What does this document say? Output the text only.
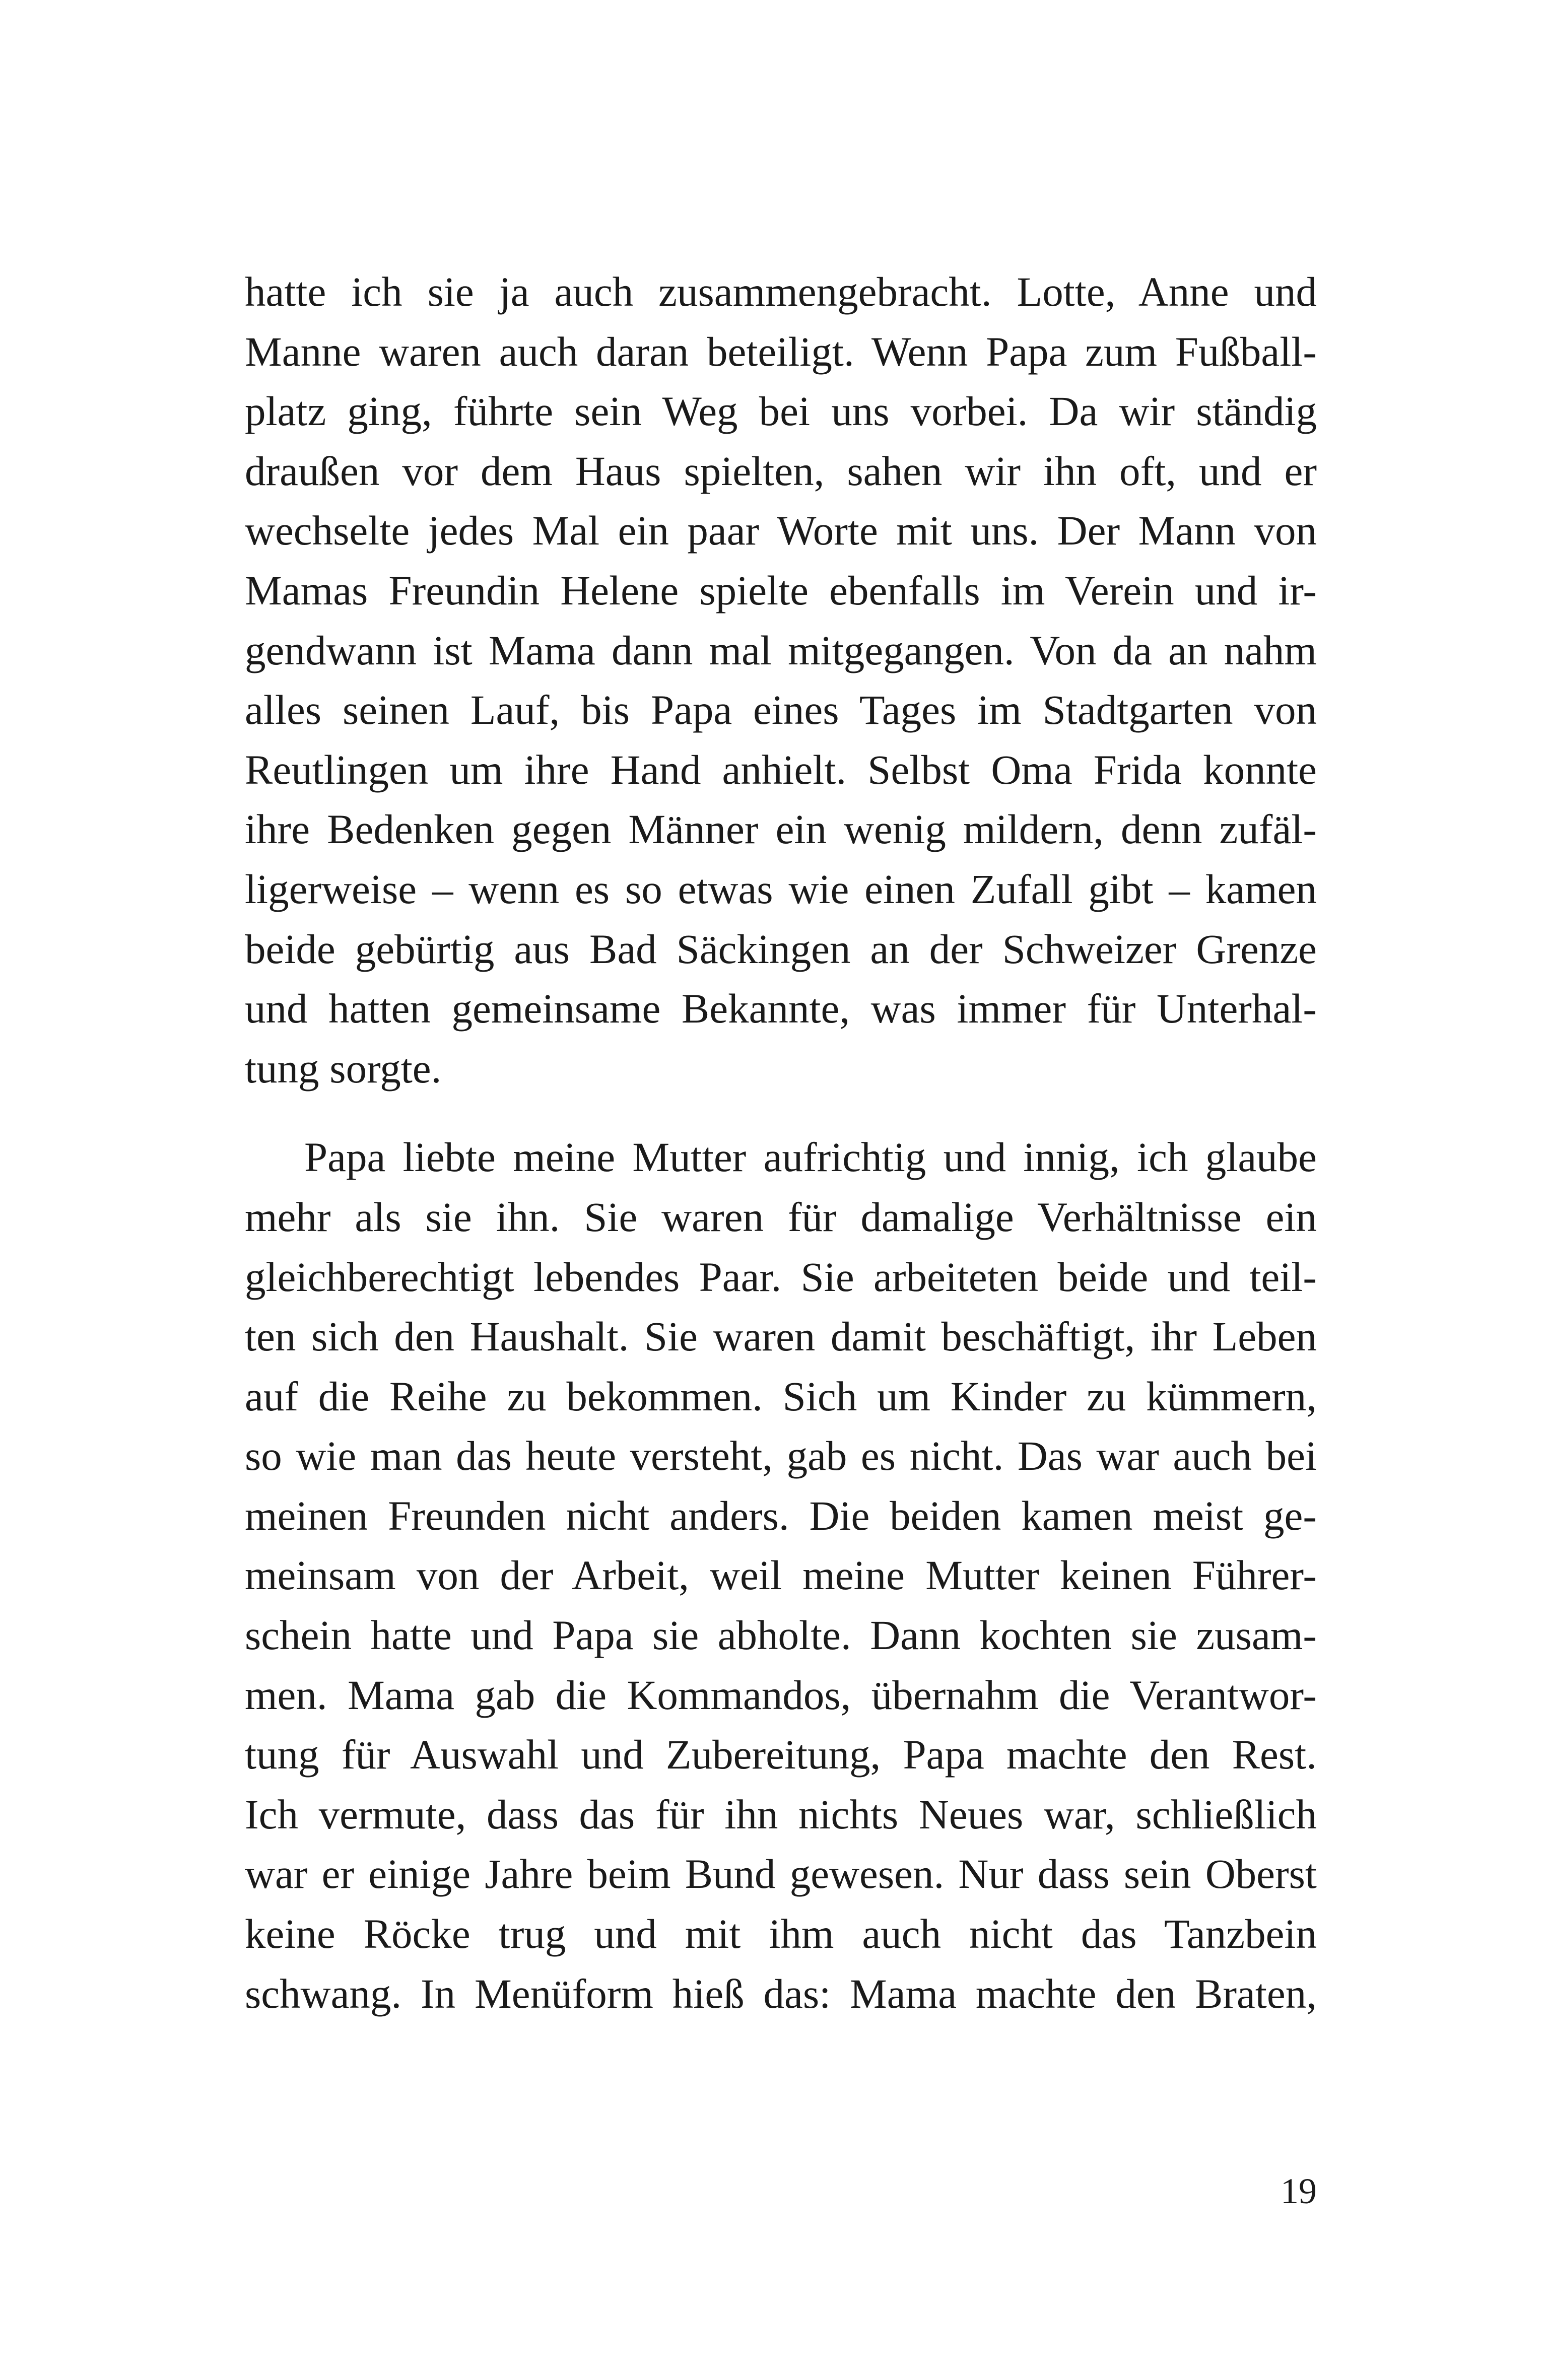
hatte ich sie ja auch zusammengebracht. Lotte, Anne und
Manne waren auch daran beteiligt. Wenn Papa zum Fußball-
platz ging, führte sein Weg bei uns vorbei. Da wir ständig
draußen vor dem Haus spielten, sahen wir ihn oft, und er
wechselte jedes Mal ein paar Worte mit uns. Der Mann von
Mamas Freundin Helene spielte ebenfalls im Verein und ir-
gendwann ist Mama dann mal mitgegangen. Von da an nahm
alles seinen Lauf, bis Papa eines Tages im Stadtgarten von
Reutlingen um ihre Hand anhielt. Selbst Oma Frida konnte
ihre Bedenken gegen Männer ein wenig mildern, denn zufäl-
ligerweise – wenn es so etwas wie einen Zufall gibt – kamen
beide gebürtig aus Bad Säckingen an der Schweizer Grenze
und hatten gemeinsame Bekannte, was immer für Unterhal-
tung sorgte.

Papa liebte meine Mutter aufrichtig und innig, ich glaube
mehr als sie ihn. Sie waren für damalige Verhältnisse ein
gleichberechtigt lebendes Paar. Sie arbeiteten beide und teil-
ten sich den Haushalt. Sie waren damit beschäftigt, ihr Leben
auf die Reihe zu bekommen. Sich um Kinder zu kümmern,
so wie man das heute versteht, gab es nicht. Das war auch bei
meinen Freunden nicht anders. Die beiden kamen meist ge-
meinsam von der Arbeit, weil meine Mutter keinen Führer-
schein hatte und Papa sie abholte. Dann kochten sie zusam-
men. Mama gab die Kommandos, übernahm die Verantwor-
tung für Auswahl und Zubereitung, Papa machte den Rest.
Ich vermute, dass das für ihn nichts Neues war, schließlich
war er einige Jahre beim Bund gewesen. Nur dass sein Oberst
keine Röcke trug und mit ihm auch nicht das Tanzbein
schwang. In Menüform hieß das: Mama machte den Braten,

19
